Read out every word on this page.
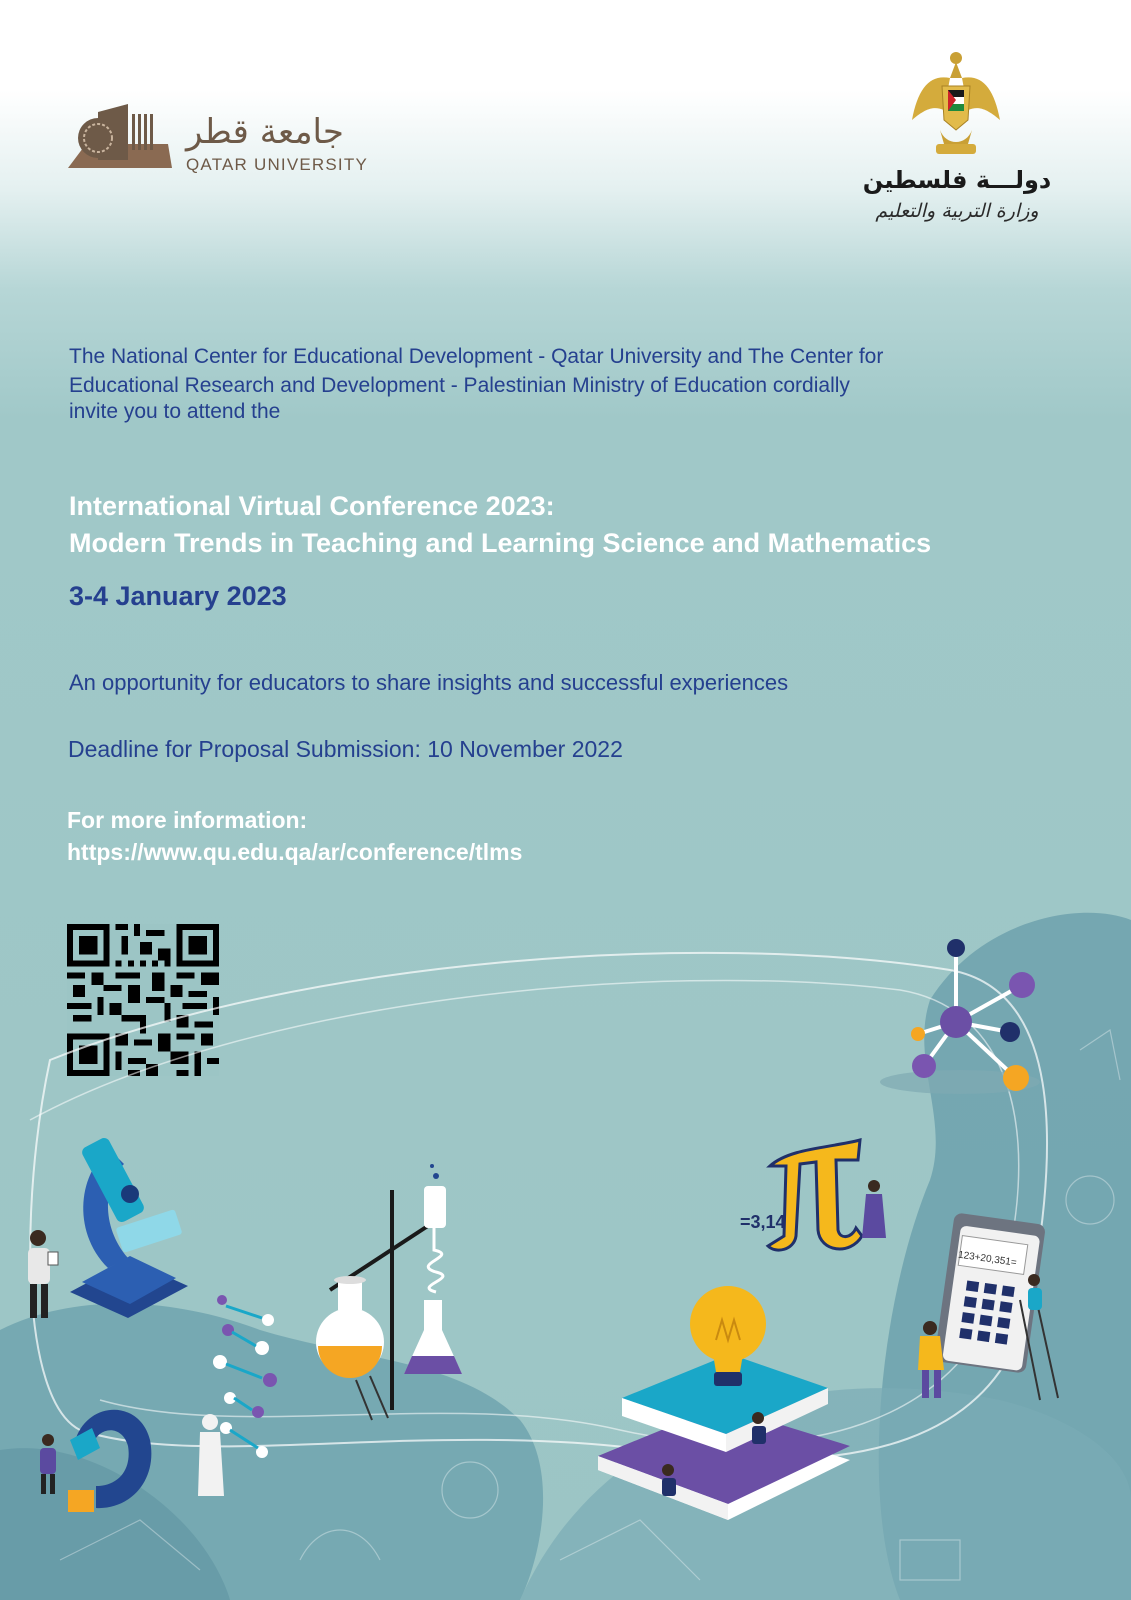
جامعة قطر
QATAR UNIVERSITY
دولـــة فلسطين
وزارة التربية والتعليم
The National Center for Educational Development - Qatar University and The Center for
Educational Research and Development - Palestinian Ministry of Education cordially
invite you to attend the
International Virtual Conference 2023:
Modern Trends in Teaching and Learning Science and Mathematics
3-4 January 2023
An opportunity for educators to share insights and successful experiences
Deadline for Proposal Submission: 10 November 2022
For more information:
https://www.qu.edu.qa/ar/conference/tlms
=3,14
123+20,351=
